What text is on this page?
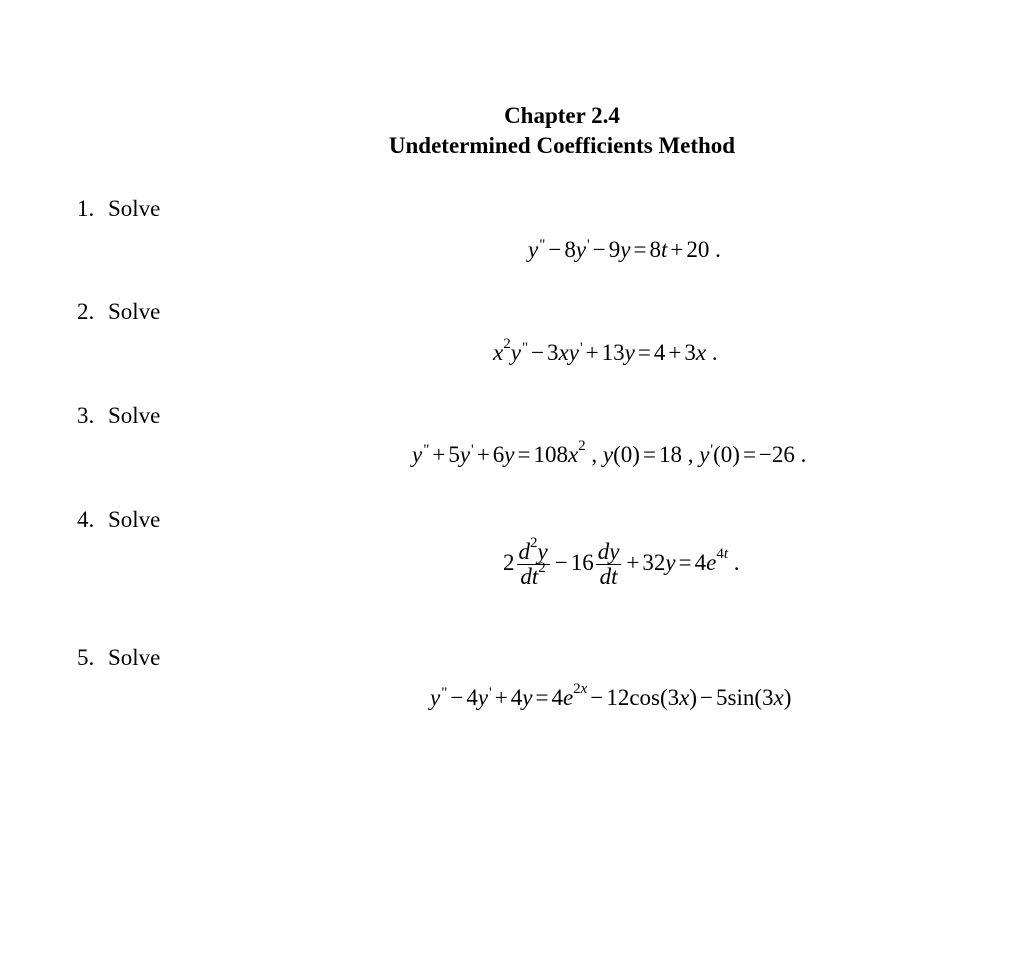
Chapter 2.4
Undetermined Coefficients Method
1. Solve
y" − 8y' − 9y = 8t + 20 .
2. Solve
$x^2y^" - 3xy' + 13y = 4 + 3x$ .
3. Solve
$y^" + 5y' + 6y = 108x^2$ , y(0) = 18 , y'(0) = −26 .
4. Solve
$2 \frac{d^2y}{dt^2} - 16 \frac{dy}{dt} + 32y = 4e^{4t}$ .
5. Solve
$y^" - 4y' + 4y = 4e^{2x} - 12\cos(3x) - 5\sin(3x)$
